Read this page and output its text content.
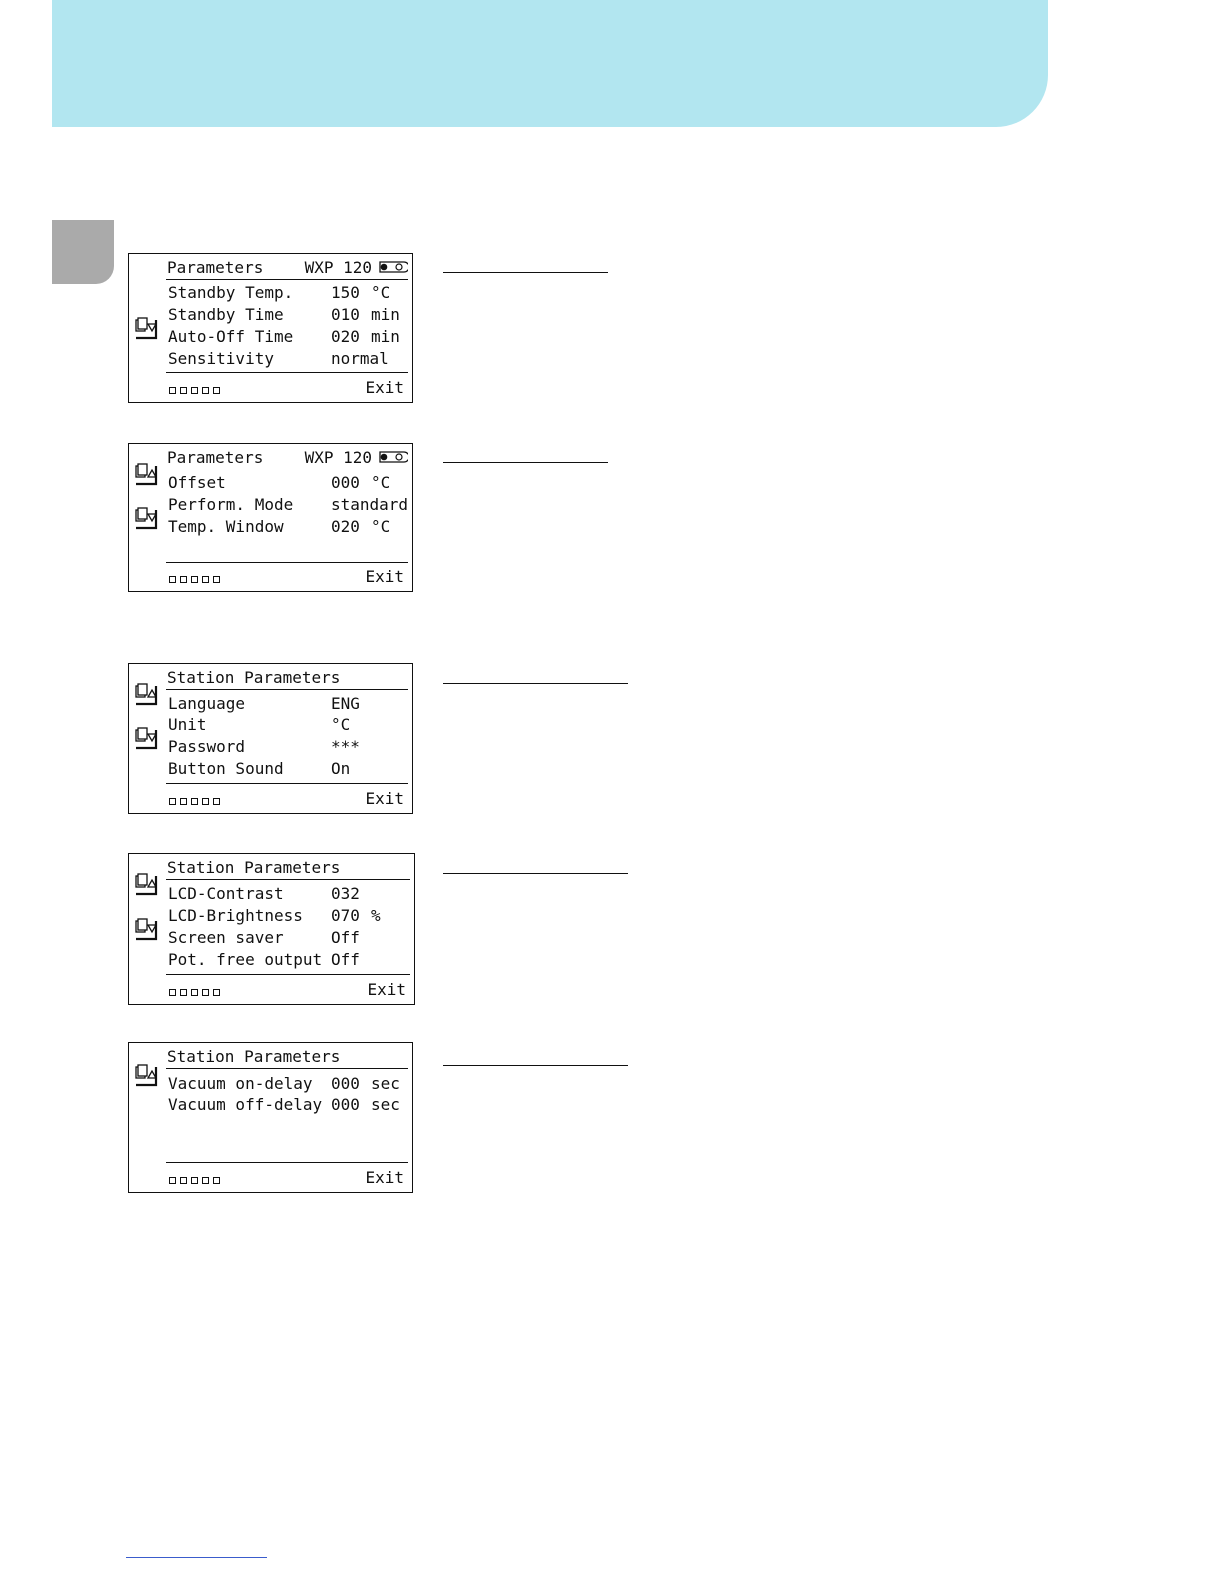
Parameters	WXP 120
Standby Temp. 150 °C
Standby Time	010 min
Auto-Off Time 020 min
Sensitivity	normal
Exit
Parameters	WXP 120
Offset	000 °C
Perform. Mode standard
Temp. Window	020 °C
Exit
Station Parameters
Language	ENG
Unit	°C
Password	***
Button Sound	On
Exit
Station Parameters
LCD-Contrast	032
LCD-Brightness 070 %
Screen saver	Off
Pot. free output Off
Exit
Station Parameters
Vacuum on-delay 000 sec
Vacuum off-delay 000 sec
Exit
